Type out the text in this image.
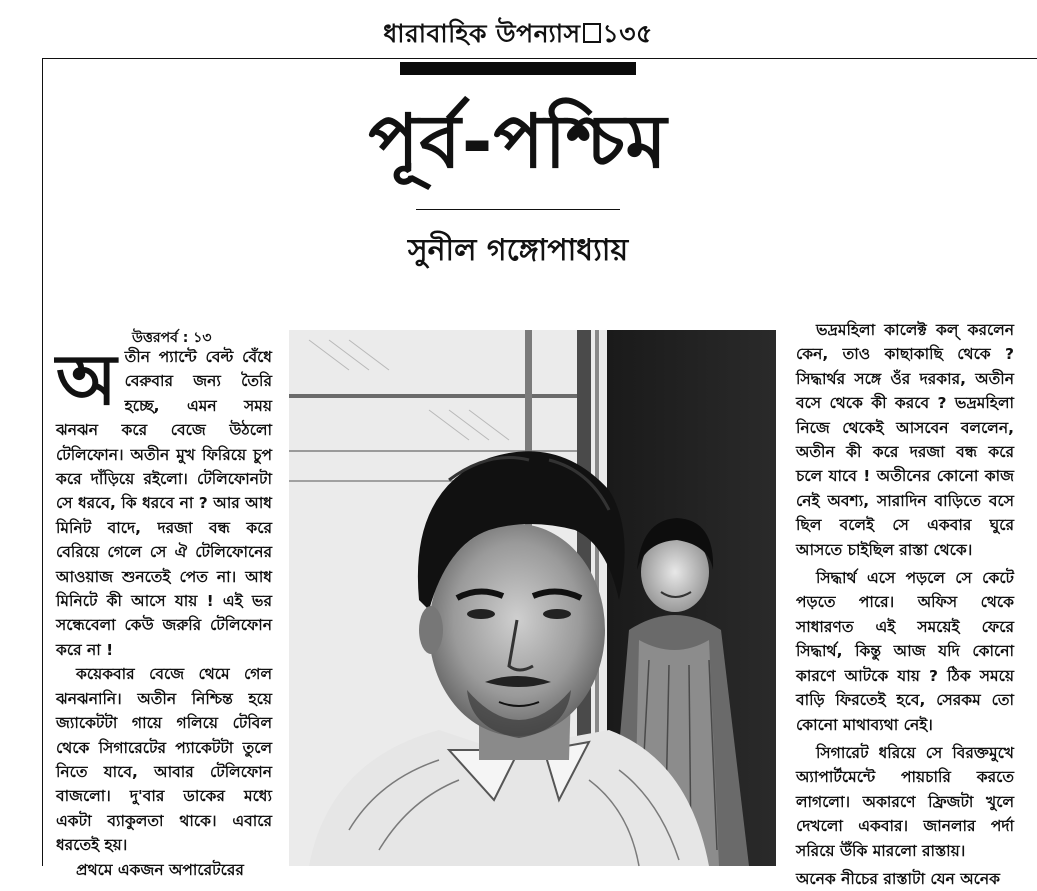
ধারাবাহিক উপন্যাস ১৩৫
পূর্ব-পশ্চিম
সুনীল গঙ্গোপাধ্যায়
উত্তরপর্ব : ১৩
অ তীন প্যান্টে বেল্ট বেঁধে বেরুবার জন্য তৈরি হচ্ছে, এমন সময় ঝনঝন করে বেজে উঠলো টেলিফোন। অতীন মুখ ফিরিয়ে চুপ করে দাঁড়িয়ে রইলো। টেলিফোনটা সে ধরবে, কি ধরবে না ? আর আধ মিনিট বাদে, দরজা বন্ধ করে বেরিয়ে গেলে সে ঐ টেলিফোনের আওয়াজ শুনতেই পেত না। আধ মিনিটে কী আসে যায় ! এই ভর সন্ধেবেলা কেউ জরুরি টেলিফোন করে না !

কয়েকবার বেজে থেমে গেল ঝনঝনানি। অতীন নিশ্চিন্ত হয়ে জ্যাকেটটা গায়ে গলিয়ে টেবিল থেকে সিগারেটের প্যাকেটটা তুলে নিতে যাবে, আবার টেলিফোন বাজলো। দু'বার ডাকের মধ্যে একটা ব্যাকুলতা থাকে। এবারে ধরতেই হয়।

প্রথমে একজন অপারেটরের

ভদ্রমহিলা কালেক্ট কল্ করলেন কেন, তাও কাছাকাছি থেকে ? সিদ্ধার্থর সঙ্গে ওঁর দরকার, অতীন বসে থেকে কী করবে ? ভদ্রমহিলা নিজে থেকেই আসবেন বললেন, অতীন কী করে দরজা বন্ধ করে চলে যাবে ! অতীনের কোনো কাজ নেই অবশ্য, সারাদিন বাড়িতে বসে ছিল বলেই সে একবার ঘুরে আসতে চাইছিল রাস্তা থেকে।

সিদ্ধার্থ এসে পড়লে সে কেটে পড়তে পারে। অফিস থেকে সাধারণত এই সময়েই ফেরে সিদ্ধার্থ, কিন্তু আজ যদি কোনো কারণে আটকে যায় ? ঠিক সময়ে বাড়ি ফিরতেই হবে, সেরকম তো কোনো মাথাব্যথা নেই।

সিগারেট ধরিয়ে সে বিরক্তমুখে অ্যাপার্টমেন্টে পায়চারি করতে লাগলো। অকারণে ফ্রিজটা খুলে দেখলো একবার। জানলার পর্দা সরিয়ে উঁকি মারলো রাস্তায়।

অনেক নীচের রাস্তাটা যেন অনেক
